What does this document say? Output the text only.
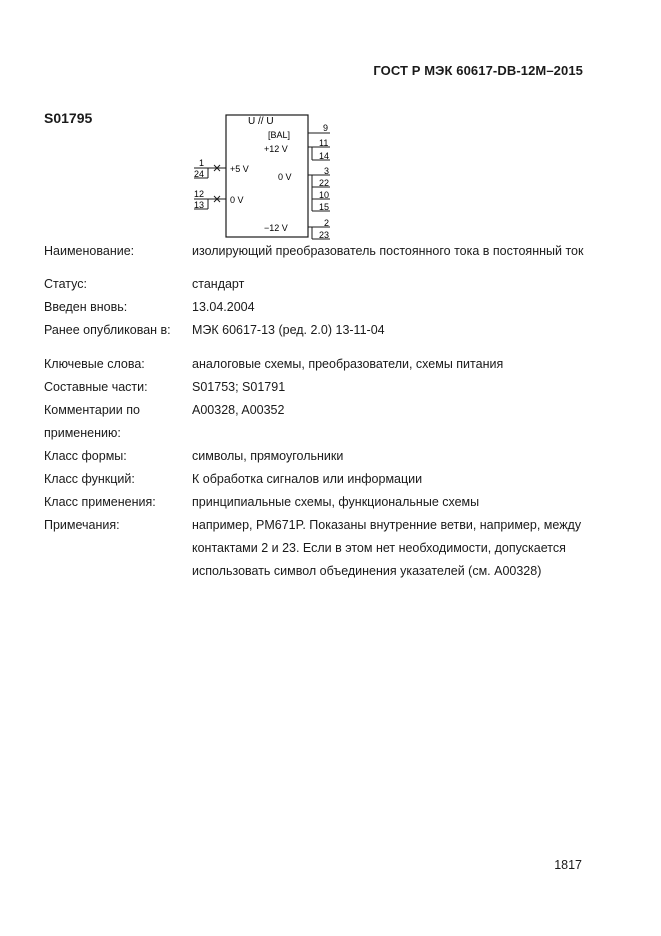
ГОСТ Р МЭК 60617-DB-12M–2015
S01795	U // U
[BAL]
+12 V
0 V
−12 V
+5 V
0 V
9
11
14
3
22
10
15
2
23
1
24
12
13
Наименование:	изолирующий преобразователь постоянного тока в постоянный ток
Статус:	стандарт
Введен вновь:	13.04.2004
Ранее опубликован в:	МЭК 60617-13 (ред. 2.0) 13-11-04
Ключевые слова:	аналоговые схемы, преобразователи, схемы питания
Составные части:	S01753; S01791
Комментарии по	A00328, A00352
применению:
Класс формы:	символы, прямоугольники
Класс функций:	К обработка сигналов или информации
Класс применения:	принципиальные схемы, функциональные схемы
Примечания:	например, PM671P. Показаны внутренние ветви, например, между
контактами 2 и 23. Если в этом нет необходимости, допускается
использовать символ объединения указателей (см. A00328)
1817
